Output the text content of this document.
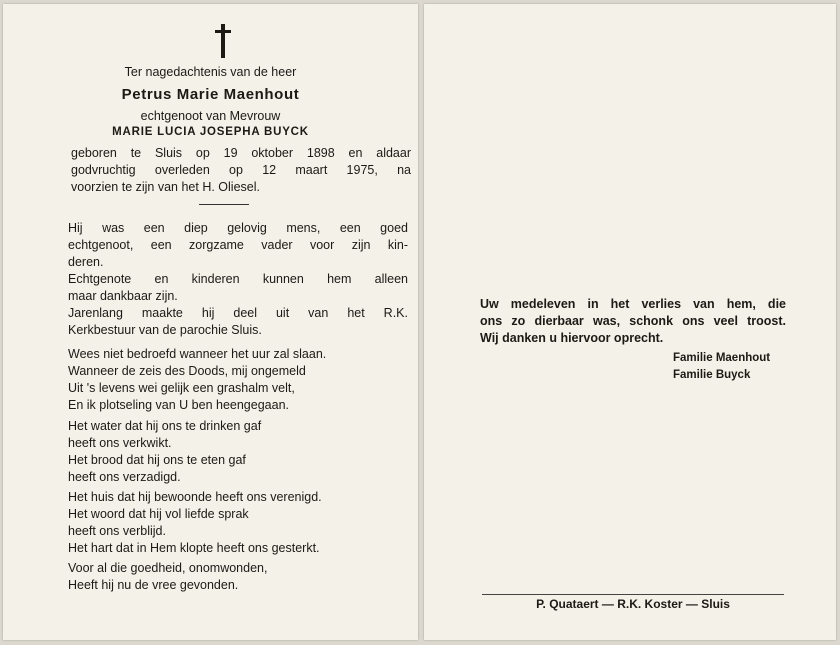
Ter nagedachtenis van de heer
Petrus Marie Maenhout
echtgenoot van Mevrouw
MARIE LUCIA JOSEPHA BUYCK
geboren te Sluis op 19 oktober 1898 en aldaar
godvruchtig overleden op 12 maart 1975, na
voorzien te zijn van het H. Oliesel.
Hij was een diep gelovig mens, een goed
echtgenoot, een zorgzame vader voor zijn kin-
deren.
Echtgenote en kinderen kunnen hem alleen
maar dankbaar zijn.
Jarenlang maakte hij deel uit van het R.K.
Kerkbestuur van de parochie Sluis.
Wees niet bedroefd wanneer het uur zal slaan.
Wanneer de zeis des Doods, mij ongemeld
Uit 's levens wei gelijk een grashalm velt,
En ik plotseling van U ben heengegaan.
Het water dat hij ons te drinken gaf
heeft ons verkwikt.
Het brood dat hij ons te eten gaf
heeft ons verzadigd.
Het huis dat hij bewoonde heeft ons verenigd.
Het woord dat hij vol liefde sprak
heeft ons verblijd.
Het hart dat in Hem klopte heeft ons gesterkt.
Voor al die goedheid, onomwonden,
Heeft hij nu de vree gevonden.
Uw medeleven in het verlies van hem, die
ons zo dierbaar was, schonk ons veel troost.
Wij danken u hiervoor oprecht.
Familie Maenhout
Familie Buyck
P. Quataert — R.K. Koster — Sluis
